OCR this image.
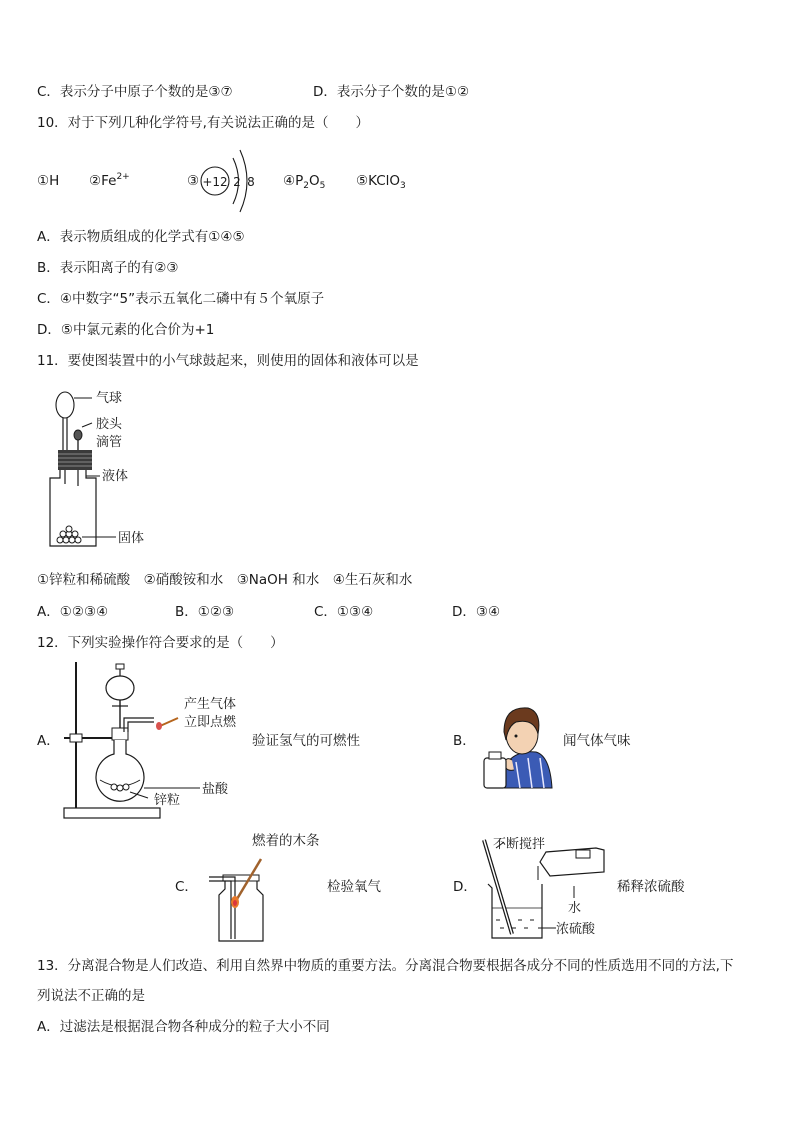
C．表示分子中原子个数的是③⑦	D．表示分子个数的是①②
10．对于下列几种化学符号,有关说法正确的是（　　）
①H $②Fe^{2+}$	③ +12 2 8 $④P_2O_5$ ⑤KClO$_3$
A．表示物质组成的化学式有①④⑤
B．表示阳离子的有②③
C．④中数字“5”表示五氧化二磷中有５个氧原子
D．⑤中氯元素的化合价为+1
11．要使图装置中的小气球鼓起来，则使用的固体和液体可以是
气球
胶头
滴管
液体
固体
①锌粒和稀硫酸　②硝酸铵和水　③NaOH 和水　④生石灰和水
A．①②③④	B．①②③	C．①③④	D．③④
12．下列实验操作符合要求的是（　　）
A．
产生气体
立即点燃
盐酸
锌粒
验证氢气的可燃性	B．	闻气体气味
燃着的木条
C．	检验氧气	D．
不断搅拌
水
浓硫酸
稀释浓硫酸
13．分离混合物是人们改造、利用自然界中物质的重要方法。分离混合物要根据各成分不同的性质选用不同的方法,下
列说法不正确的是
A．过滤法是根据混合物各种成分的粒子大小不同
